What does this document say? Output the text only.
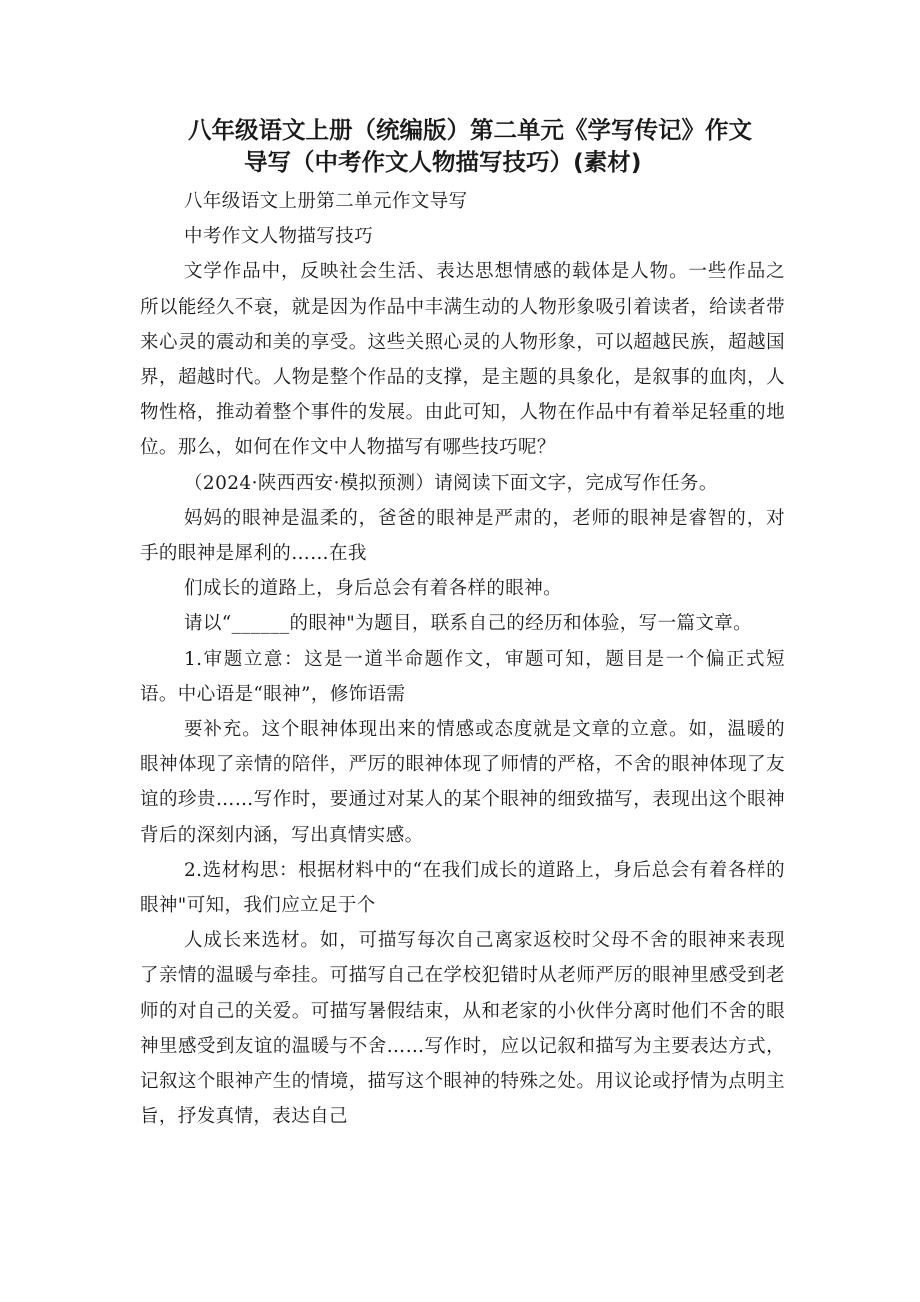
八年级语文上册（统编版）第二单元《学写传记》作文
导写（中考作文人物描写技巧）(素材)

八年级语文上册第二单元作文导写

中考作文人物描写技巧

文学作品中，反映社会生活、表达思想情感的载体是人物。一些作品之所以能经久不衰，就是因为作品中丰满生动的人物形象吸引着读者，给读者带来心灵的震动和美的享受。这些关照心灵的人物形象，可以超越民族，超越国界，超越时代。人物是整个作品的支撑，是主题的具象化，是叙事的血肉，人物性格，推动着整个事件的发展。由此可知，人物在作品中有着举足轻重的地位。那么，如何在作文中人物描写有哪些技巧呢？

（2024·陕西西安·模拟预测）请阅读下面文字，完成写作任务。

妈妈的眼神是温柔的，爸爸的眼神是严肃的，老师的眼神是睿智的，对手的眼神是犀利的……在我

们成长的道路上，身后总会有着各样的眼神。

请以“______的眼神"为题目，联系自己的经历和体验，写一篇文章。

1.审题立意：这是一道半命题作文，审题可知，题目是一个偏正式短语。中心语是“眼神”，修饰语需

要补充。这个眼神体现出来的情感或态度就是文章的立意。如，温暖的眼神体现了亲情的陪伴，严厉的眼神体现了师情的严格，不舍的眼神体现了友谊的珍贵……写作时，要通过对某人的某个眼神的细致描写，表现出这个眼神背后的深刻内涵，写出真情实感。

2.选材构思：根据材料中的“在我们成长的道路上，身后总会有着各样的眼神"可知，我们应立足于个

人成长来选材。如，可描写每次自己离家返校时父母不舍的眼神来表现了亲情的温暖与牵挂。可描写自己在学校犯错时从老师严厉的眼神里感受到老师的对自己的关爱。可描写暑假结束，从和老家的小伙伴分离时他们不舍的眼神里感受到友谊的温暖与不舍……写作时，应以记叙和描写为主要表达方式，记叙这个眼神产生的情境，描写这个眼神的特殊之处。用议论或抒情为点明主旨，抒发真情，表达自己
